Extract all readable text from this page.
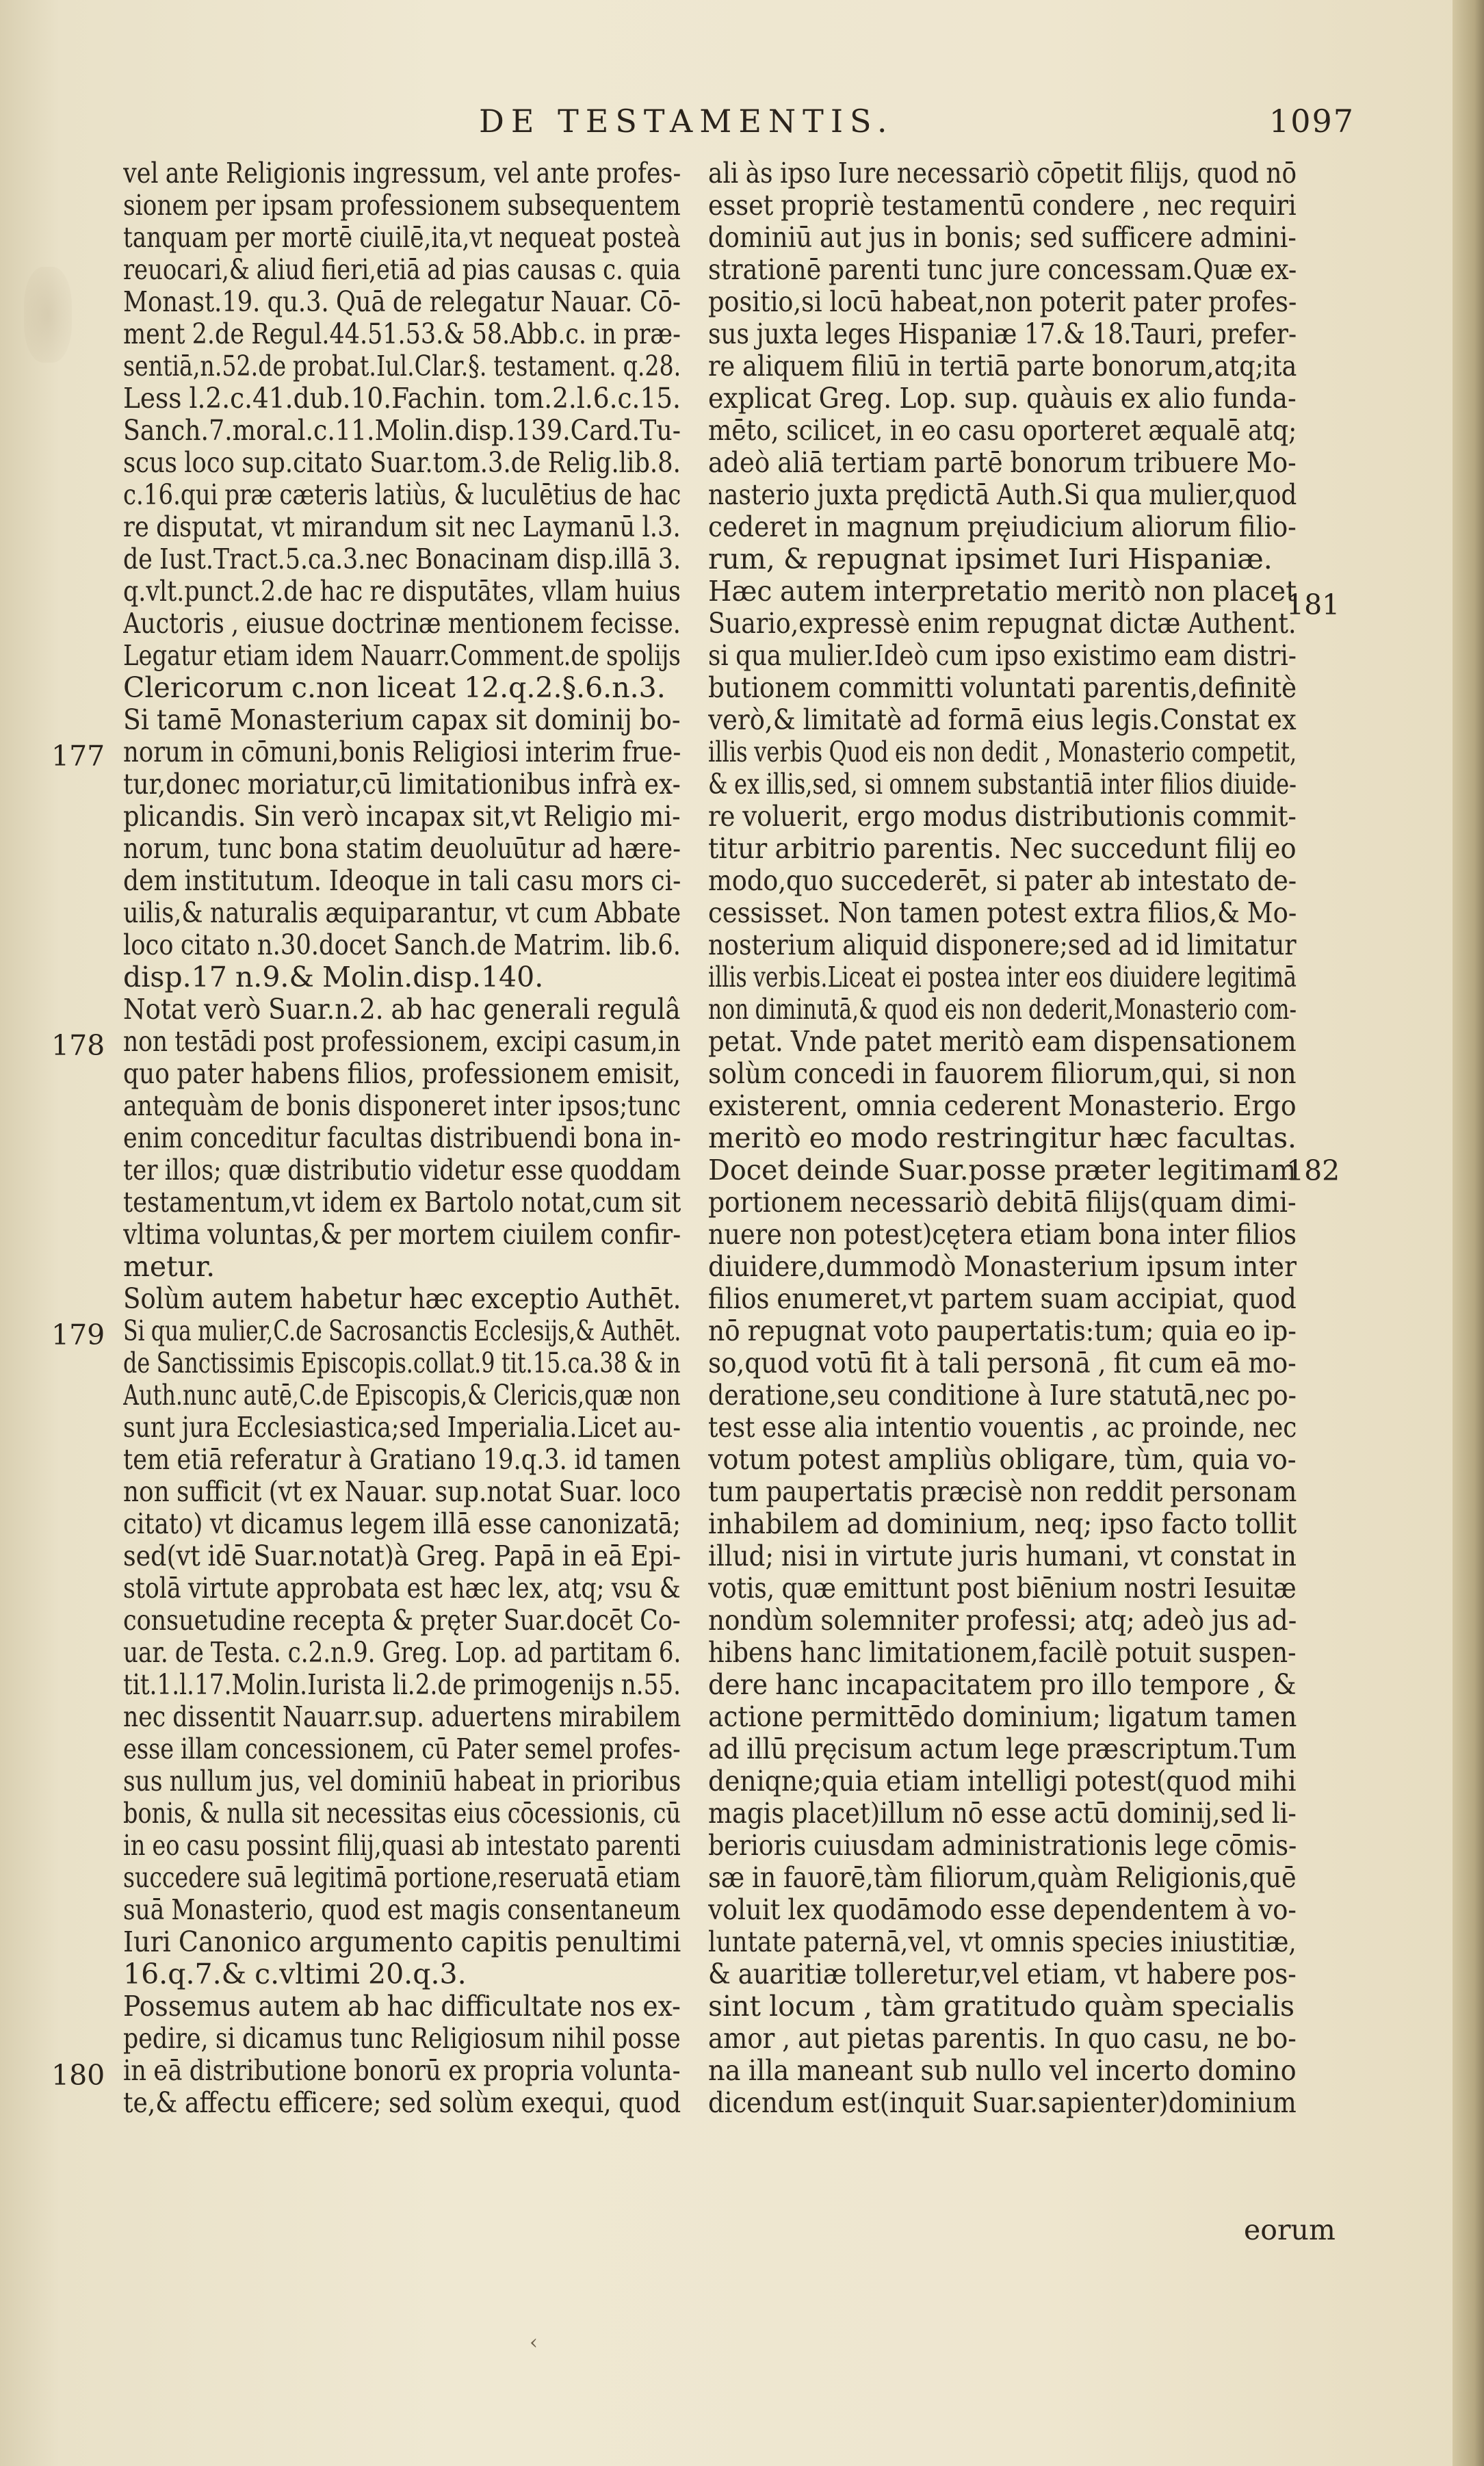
DE TESTAMENTIS.	1097
vel ante Religionis ingressum, vel ante profes-
sionem per ipsam professionem subsequentem
tanquam per mortē ciuilē,ita,vt nequeat posteà
reuocari,& aliud fieri,etiā ad pias causas c. quia
Monast.19. qu.3. Quā de relegatur Nauar. Cō-
ment 2.de Regul.44.51.53.& 58.Abb.c. in præ-
sentiā,n.52.de probat.Iul.Clar.§. testament. q.28.
Less l.2.c.41.dub.10.Fachin. tom.2.l.6.c.15.
Sanch.7.moral.c.11.Molin.disp.139.Card.Tu-
scus loco sup.citato Suar.tom.3.de Relig.lib.8.
c.16.qui præ cæteris latiùs, & luculētius de hac
re disputat, vt mirandum sit nec Laymanū l.3.
de Iust.Tract.5.ca.3.nec Bonacinam disp.illā 3.
q.vlt.punct.2.de hac re disputātes, vllam huius
Auctoris , eiusue doctrinæ mentionem fecisse.
Legatur etiam idem Nauarr.Comment.de spolijs
Clericorum c.non liceat 12.q.2.§.6.n.3.
Si tamē Monasterium capax sit dominij bo-
norum in cōmuni,bonis Religiosi interim frue-
tur,donec moriatur,cū limitationibus infrà ex-
plicandis. Sin verò incapax sit,vt Religio mi-
norum, tunc bona statim deuoluūtur ad hære-
dem institutum. Ideoque in tali casu mors ci-
uilis,& naturalis æquiparantur, vt cum Abbate
loco citato n.30.docet Sanch.de Matrim. lib.6.
disp.17 n.9.& Molin.disp.140.
Notat verò Suar.n.2. ab hac generali regulâ
non testādi post professionem, excipi casum,in
quo pater habens filios, professionem emisit,
antequàm de bonis disponeret inter ipsos;tunc
enim conceditur facultas distribuendi bona in-
ter illos; quæ distributio videtur esse quoddam
testamentum,vt idem ex Bartolo notat,cum sit
vltima voluntas,& per mortem ciuilem confir-
metur.
Solùm autem habetur hæc exceptio Authēt.
Si qua mulier,C.de Sacrosanctis Ecclesijs,& Authēt.
de Sanctissimis Episcopis.collat.9 tit.15.ca.38 & in
Auth.nunc autē,C.de Episcopis,& Clericis,quæ non
sunt jura Ecclesiastica;sed Imperialia.Licet au-
tem etiā referatur à Gratiano 19.q.3. id tamen
non sufficit (vt ex Nauar. sup.notat Suar. loco
citato) vt dicamus legem illā esse canonizatā;
sed(vt idē Suar.notat)à Greg. Papā in eā Epi-
stolā virtute approbata est hæc lex, atq; vsu &
consuetudine recepta & pręter Suar.docēt Co-
uar. de Testa. c.2.n.9. Greg. Lop. ad partitam 6.
tit.1.l.17.Molin.Iurista li.2.de primogenijs n.55.
nec dissentit Nauarr.sup. aduertens mirabilem
esse illam concessionem, cū Pater semel profes-
sus nullum jus, vel dominiū habeat in prioribus
bonis, & nulla sit necessitas eius cōcessionis, cū
in eo casu possint filij,quasi ab intestato parenti
succedere suā legitimā portione,reseruatā etiam
suā Monasterio, quod est magis consentaneum
Iuri Canonico argumento capitis penultimi
16.q.7.& c.vltimi 20.q.3.
Possemus autem ab hac difficultate nos ex-
pedire, si dicamus tunc Religiosum nihil posse
in eā distributione bonorū ex propria volunta-
te,& affectu efficere; sed solùm exequi, quod
ali às ipso Iure necessariò cōpetit filijs, quod nō
esset propriè testamentū condere , nec requiri
dominiū aut jus in bonis; sed sufficere admini-
strationē parenti tunc jure concessam.Quæ ex-
positio,si locū habeat,non poterit pater profes-
sus juxta leges Hispaniæ 17.& 18.Tauri, prefer-
re aliquem filiū in tertiā parte bonorum,atq;ita
explicat Greg. Lop. sup. quàuis ex alio funda-
mēto, scilicet, in eo casu oporteret æqualē atq;
adeò aliā tertiam partē bonorum tribuere Mo-
nasterio juxta prędictā Auth.Si qua mulier,quod
cederet in magnum pręiudicium aliorum filio-
rum, & repugnat ipsimet Iuri Hispaniæ.
Hæc autem interpretatio meritò non placet
Suario,expressè enim repugnat dictæ Authent.
si qua mulier.Ideò cum ipso existimo eam distri-
butionem committi voluntati parentis,definitè
verò,& limitatè ad formā eius legis.Constat ex
illis verbis Quod eis non dedit , Monasterio competit,
& ex illis,sed, si omnem substantiā inter filios diuide-
re voluerit, ergo modus distributionis commit-
titur arbitrio parentis. Nec succedunt filij eo
modo,quo succederēt, si pater ab intestato de-
cessisset. Non tamen potest extra filios,& Mo-
nosterium aliquid disponere;sed ad id limitatur
illis verbis.Liceat ei postea inter eos diuidere legitimā
non diminutā,& quod eis non dederit,Monasterio com-
petat. Vnde patet meritò eam dispensationem
solùm concedi in fauorem filiorum,qui, si non
existerent, omnia cederent Monasterio. Ergo
meritò eo modo restringitur hæc facultas.
Docet deinde Suar.posse præter legitimam
portionem necessariò debitā filijs(quam dimi-
nuere non potest)cętera etiam bona inter filios
diuidere,dummodò Monasterium ipsum inter
filios enumeret,vt partem suam accipiat, quod
nō repugnat voto paupertatis:tum; quia eo ip-
so,quod votū fit à tali personā , fit cum eā mo-
deratione,seu conditione à Iure statutā,nec po-
test esse alia intentio vouentis , ac proinde, nec
votum potest ampliùs obligare, tùm, quia vo-
tum paupertatis præcisè non reddit personam
inhabilem ad dominium, neq; ipso facto tollit
illud; nisi in virtute juris humani, vt constat in
votis, quæ emittunt post biēnium nostri Iesuitæ
nondùm solemniter professi; atq; adeò jus ad-
hibens hanc limitationem,facilè potuit suspen-
dere hanc incapacitatem pro illo tempore , &
actione permittēdo dominium; ligatum tamen
ad illū pręcisum actum lege præscriptum.Tum
deniqne;quia etiam intelligi potest(quod mihi
magis placet)illum nō esse actū dominij,sed li-
berioris cuiusdam administrationis lege cōmis-
sæ in fauorē,tàm filiorum,quàm Religionis,quē
voluit lex quodāmodo esse dependentem à vo-
luntate paternā,vel, vt omnis species iniustitiæ,
& auaritiæ tolleretur,vel etiam, vt habere pos-
sint locum , tàm gratitudo quàm specialis
amor , aut pietas parentis. In quo casu, ne bo-
na illa maneant sub nullo vel incerto domino
dicendum est(inquit Suar.sapienter)dominium
177
178
179
180
181
182
eorum
‹
